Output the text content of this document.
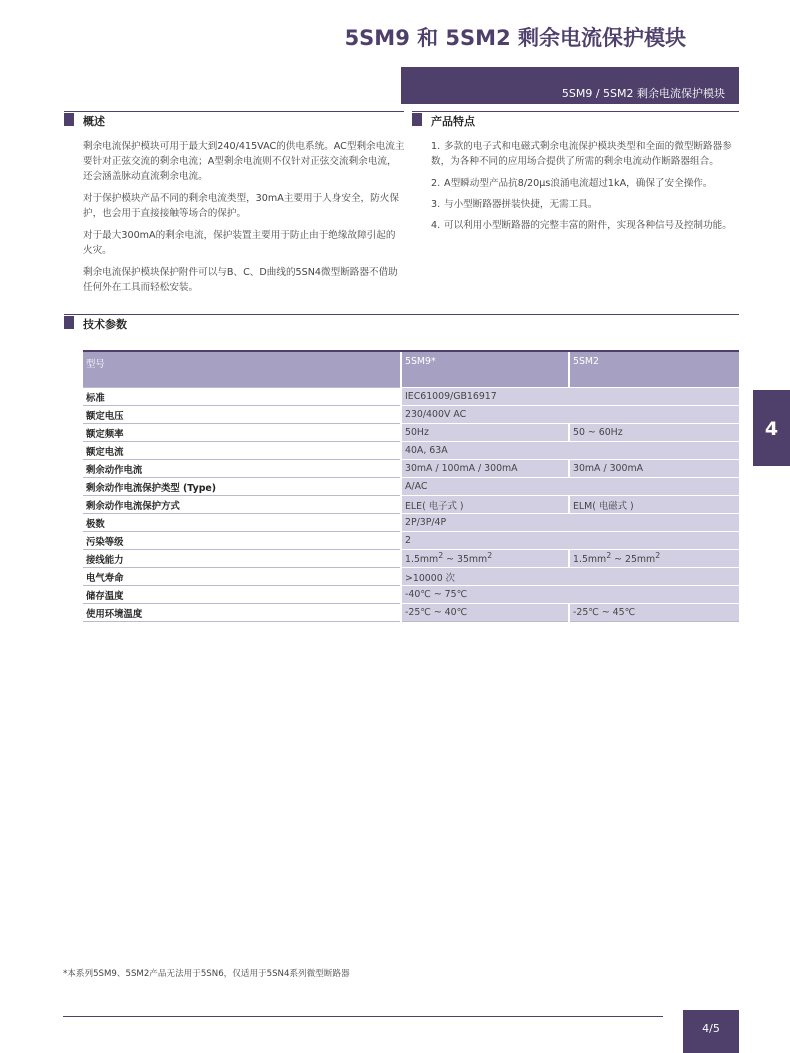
5SM9 和 5SM2 剩余电流保护模块
5SM9 / 5SM2 剩余电流保护模块
概述

剩余电流保护模块可用于最大到240/415VAC的供电系统。AC型剩余电流主要针对正弦交流的剩余电流；A型剩余电流则不仅针对正弦交流剩余电流，还会涵盖脉动直流剩余电流。

对于保护模块产品不同的剩余电流类型，30mA主要用于人身安全，防火保护，也会用于直接接触等场合的保护。

对于最大300mA的剩余电流，保护装置主要用于防止由于绝缘故障引起的火灾。

剩余电流保护模块保护附件可以与B、C、D曲线的5SN4微型断路器不借助任何外在工具而轻松安装。

产品特点

1. 多款的电子式和电磁式剩余电流保护模块类型和全面的微型断路器参数，为各种不同的应用场合提供了所需的剩余电流动作断路器组合。

2. A型瞬动型产品抗8/20μs浪涌电流超过1kA，确保了安全操作。

3. 与小型断路器拼装快捷，无需工具。

4. 可以利用小型断路器的完整丰富的附件，实现各种信号及控制功能。

技术参数
型号	5SM9*	5SM2
标准	IEC61009/GB16917	
额定电压	230/400V AC	
额定频率	50Hz	50 ~ 60Hz
额定电流	40A, 63A	
剩余动作电流	30mA / 100mA / 300mA	30mA / 300mA
剩余动作电流保护类型 (Type)	A/AC	
剩余动作电流保护方式	ELE( 电子式 )	ELM( 电磁式 )
极数	2P/3P/4P	
污染等级	2	
接线能力	$1.5mm^2$ ~ $35mm^2$	$1.5mm^2$ ~ $25mm^2$
电气寿命	>10000 次	
储存温度	-40℃ ~ 75℃	
使用环境温度	-25℃ ~ 40℃	-25℃ ~ 45℃
4
*本系列5SM9、5SM2产品无法用于5SN6，仅适用于5SN4系列微型断路器
4/5
